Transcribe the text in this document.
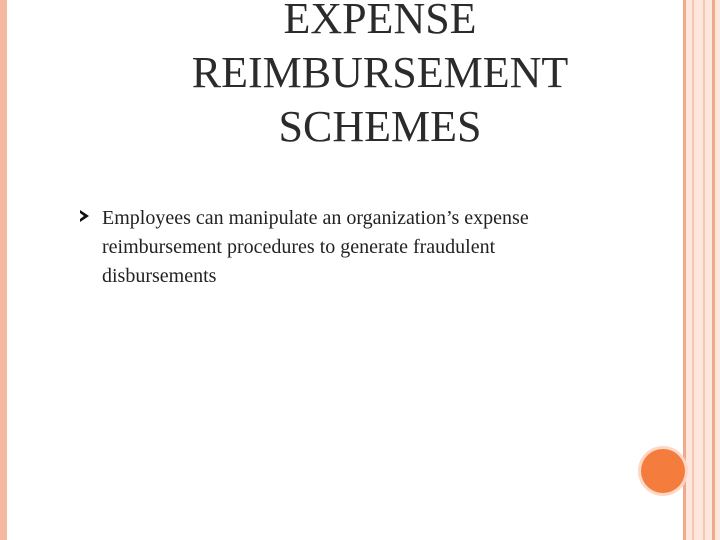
EXPENSE
REIMBURSEMENT
SCHEMES
Employees can manipulate an organization’s expense reimbursement procedures to generate fraudulent disbursements
